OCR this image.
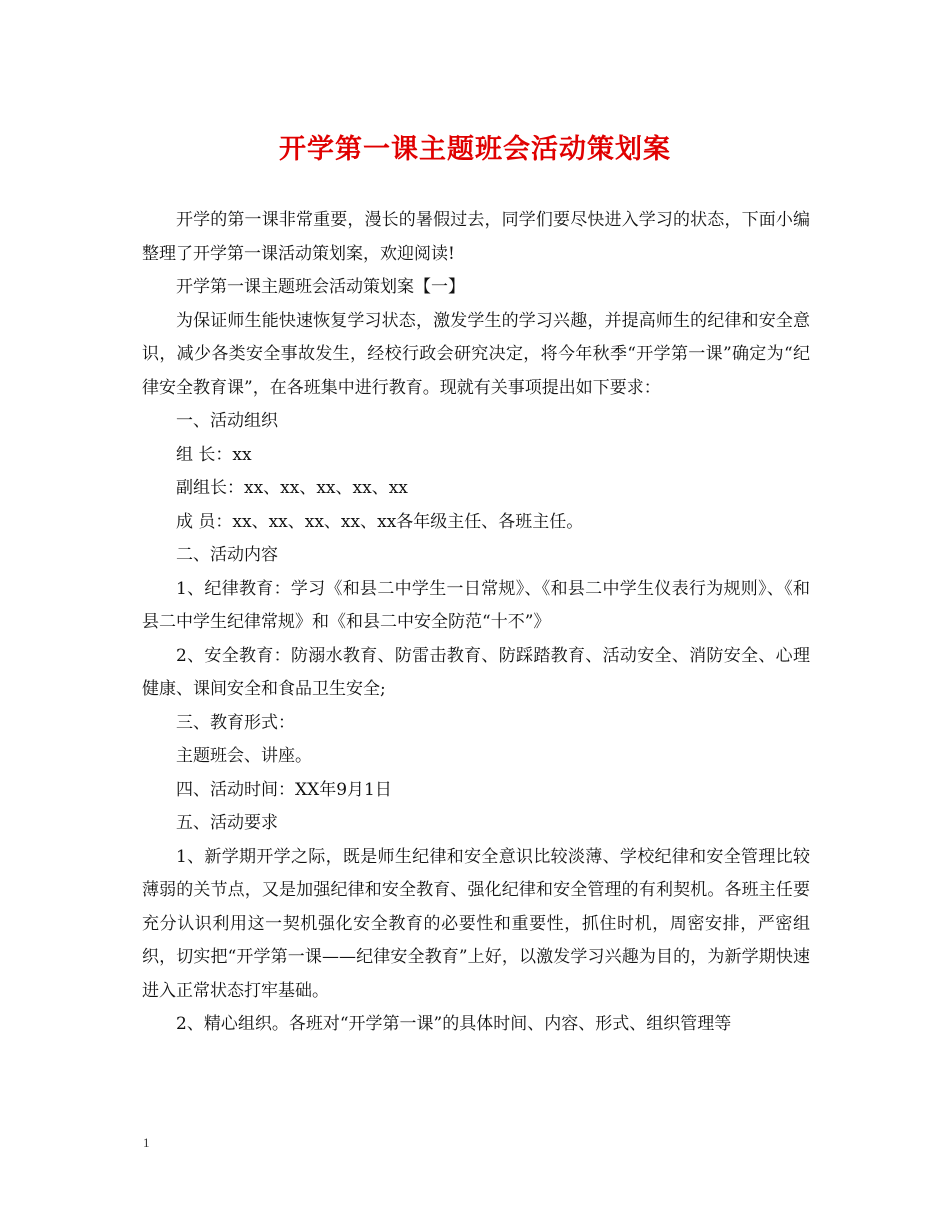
开学第一课主题班会活动策划案

开学的第一课非常重要，漫长的暑假过去，同学们要尽快进入学习的状态，下面小编整理了开学第一课活动策划案，欢迎阅读!

开学第一课主题班会活动策划案【一】

为保证师生能快速恢复学习状态，激发学生的学习兴趣，并提高师生的纪律和安全意识，减少各类安全事故发生，经校行政会研究决定，将今年秋季“开学第一课”确定为“纪律安全教育课”，在各班集中进行教育。现就有关事项提出如下要求：

一、活动组织

组 长：xx

副组长：xx、xx、xx、xx、xx

成 员：xx、xx、xx、xx、xx各年级主任、各班主任。

二、活动内容

1、纪律教育：学习《和县二中学生一日常规》、《和县二中学生仪表行为规则》、《和县二中学生纪律常规》和《和县二中安全防范“十不”》

2、安全教育：防溺水教育、防雷击教育、防踩踏教育、活动安全、消防安全、心理健康、课间安全和食品卫生安全;

三、教育形式：

主题班会、讲座。

四、活动时间：XX年9月1日

五、活动要求

1、新学期开学之际，既是师生纪律和安全意识比较淡薄、学校纪律和安全管理比较薄弱的关节点，又是加强纪律和安全教育、强化纪律和安全管理的有利契机。各班主任要充分认识利用这一契机强化安全教育的必要性和重要性，抓住时机，周密安排，严密组织，切实把“开学第一课——纪律安全教育”上好，以激发学习兴趣为目的，为新学期快速进入正常状态打牢基础。

2、精心组织。各班对“开学第一课”的具体时间、内容、形式、组织管理等

1
